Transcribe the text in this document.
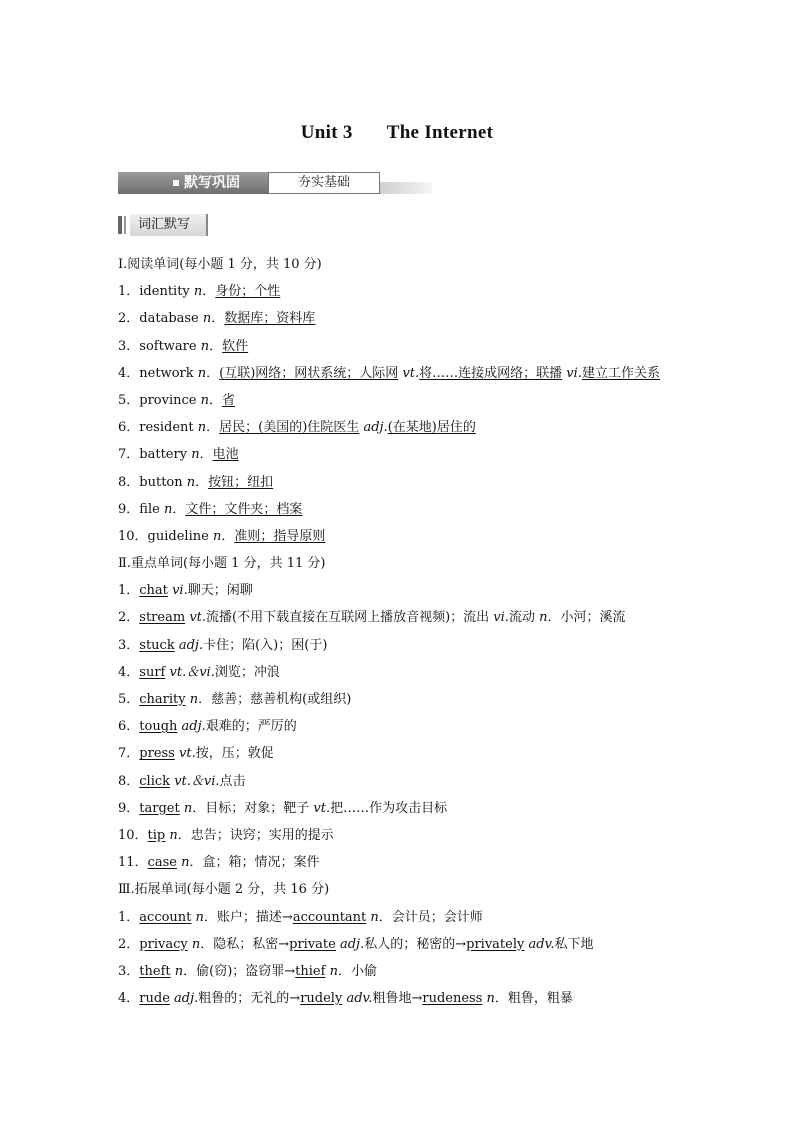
Unit 3 The Internet
默写巩固	夯实基础
词汇默写
Ⅰ.阅读单词(每小题 1 分，共 10 分)
1．identity n．身份；个性
2．database n．数据库；资料库
3．software n．软件
4．network n．(互联)网络；网状系统；人际网 vt.将……连接成网络；联播 vi.建立工作关系
5．province n．省
6．resident n．居民；(美国的)住院医生 adj.(在某地)居住的
7．battery n．电池
8．button n．按钮；纽扣
9．file n．文件；文件夹；档案
10．guideline n．准则；指导原则
Ⅱ.重点单词(每小题 1 分，共 11 分)
1．chat vi.聊天；闲聊
2．stream vt.流播(不用下载直接在互联网上播放音视频)；流出 vi.流动 n．小河；溪流
3．stuck adj.卡住；陷(入)；困(于)
4．surf vt.＆vi.浏览；冲浪
5．charity n．慈善；慈善机构(或组织)
6．tough adj.艰难的；严厉的
7．press vt.按，压；敦促
8．click vt.＆vi.点击
9．target n．目标；对象；靶子 vt.把……作为攻击目标
10．tip n．忠告；诀窍；实用的提示
11．case n．盒；箱；情况；案件
Ⅲ.拓展单词(每小题 2 分，共 16 分)
1．account n．账户；描述→accountant n．会计员；会计师
2．privacy n．隐私；私密→private adj.私人的；秘密的→privately adv.私下地
3．theft n．偷(窃)；盗窃罪→thief n．小偷
4．rude adj.粗鲁的；无礼的→rudely adv.粗鲁地→rudeness n．粗鲁，粗暴
